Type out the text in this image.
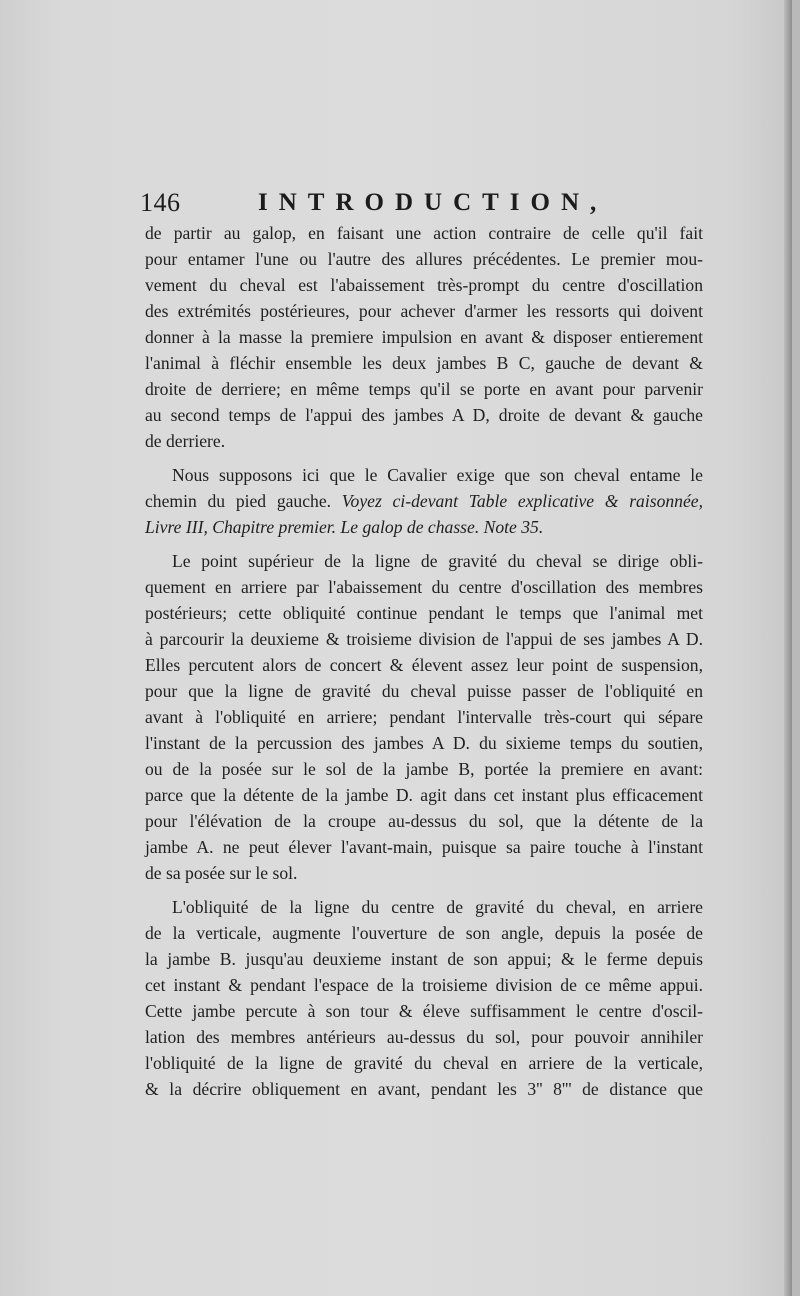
146	INTRODUCTION,
de partir au galop, en faisant une action contraire de celle qu'il fait
pour entamer l'une ou l'autre des allures précédentes. Le premier mou-
vement du cheval est l'abaissement très-prompt du centre d'oscillation
des extrémités postérieures, pour achever d'armer les ressorts qui doivent
donner à la masse la premiere impulsion en avant & disposer entierement
l'animal à fléchir ensemble les deux jambes B C, gauche de devant &
droite de derriere; en même temps qu'il se porte en avant pour parvenir
au second temps de l'appui des jambes A D, droite de devant & gauche
de derriere.
Nous supposons ici que le Cavalier exige que son cheval entame le
chemin du pied gauche. Voyez ci-devant Table explicative & raisonnée,
Livre III, Chapitre premier. Le galop de chasse. Note 35.
Le point supérieur de la ligne de gravité du cheval se dirige obli-
quement en arriere par l'abaissement du centre d'oscillation des membres
postérieurs; cette obliquité continue pendant le temps que l'animal met
à parcourir la deuxieme & troisieme division de l'appui de ses jambes A D.
Elles percutent alors de concert & élevent assez leur point de suspension,
pour que la ligne de gravité du cheval puisse passer de l'obliquité en
avant à l'obliquité en arriere; pendant l'intervalle très-court qui sépare
l'instant de la percussion des jambes A D. du sixieme temps du soutien,
ou de la posée sur le sol de la jambe B, portée la premiere en avant:
parce que la détente de la jambe D. agit dans cet instant plus efficacement
pour l'élévation de la croupe au-dessus du sol, que la détente de la
jambe A. ne peut élever l'avant-main, puisque sa paire touche à l'instant
de sa posée sur le sol.
L'obliquité de la ligne du centre de gravité du cheval, en arriere
de la verticale, augmente l'ouverture de son angle, depuis la posée de
la jambe B. jusqu'au deuxieme instant de son appui; & le ferme depuis
cet instant & pendant l'espace de la troisieme division de ce même appui.
Cette jambe percute à son tour & éleve suffisamment le centre d'oscil-
lation des membres antérieurs au-dessus du sol, pour pouvoir annihiler
l'obliquité de la ligne de gravité du cheval en arriere de la verticale,
& la décrire obliquement en avant, pendant les 3'' 8''' de distance que
